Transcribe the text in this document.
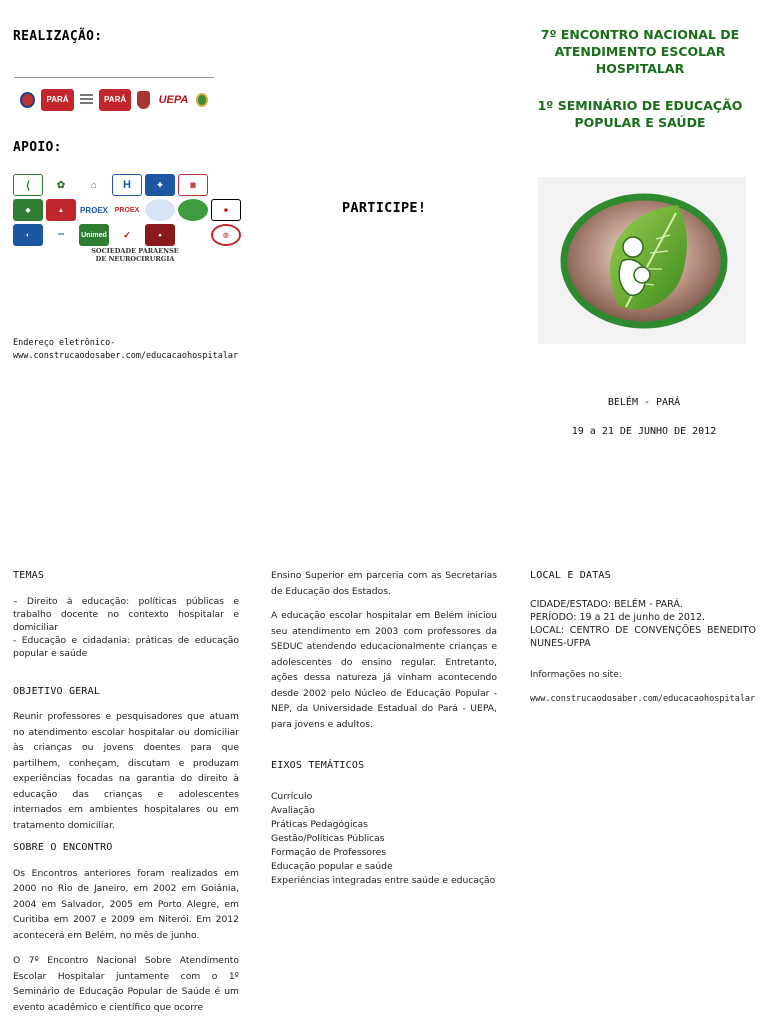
REALIZAÇÃO:
PARÁ	PARÁ	UEPA
APOIO:
⟨	✿	⌂ H	✚	▦
◆	▲	PROEX PROEX	■
◐	≈≈	Unimed ✓	●	◎
SOCIEDADE PARAENSE
DE NEUROCIRURGIA
Endereço eletrônico-
www.construcaodosaber.com/educacaohospitalar
PARTICIPE!
7º ENCONTRO NACIONAL DE
ATENDIMENTO ESCOLAR
HOSPITALAR
1º SEMINÁRIO DE EDUCAÇÃO
POPULAR E SAÚDE
BELÉM - PARÁ
19 a 21 DE JUNHO DE 2012
TEMAS
– Direito à educação: políticas públicas e trabalho docente no contexto hospitalar e domiciliar
- Educação e cidadania: práticas de educação popular e saúde
OBJETIVO GERAL
Reunir professores e pesquisadores que atuam no atendimento escolar hospitalar ou domiciliar às crianças ou jovens doentes para que partilhem, conheçam, discutam e produzam experiências focadas na garantia do direito à educação das crianças e adolescentes internados em ambientes hospitalares ou em tratamento domiciliar.
SOBRE O ENCONTRO
Os Encontros anteriores foram realizados em 2000 no Rio de Janeiro, em 2002 em Goiânia, 2004 em Salvador, 2005 em Porto Alegre, em Curitiba em 2007 e 2009 em Niterói. Em 2012 acontecerá em Belém, no mês de junho.
O 7º Encontro Nacional Sobre Atendimento Escolar Hospitalar juntamente com o 1º Seminário de Educação Popular de Saúde é um evento acadêmico e científico que ocorre
Ensino Superior em parceria com as Secretarias de Educação dos Estados.
A educação escolar hospitalar em Belém iniciou seu atendimento em 2003 com professores da SEDUC atendendo educacionalmente crianças e adolescentes do ensino regular. Entretanto, ações dessa natureza já vinham acontecendo desde 2002 pelo Núcleo de Educação Popular - NEP, da Universidade Estadual do Pará - UEPA, para jovens e adultos.
EIXOS TEMÁTICOS
Currículo
Avaliação
Práticas Pedagógicas
Gestão/Políticas Públicas
Formação de Professores
Educação popular e saúde
Experiências integradas entre saúde e educação
LOCAL E DATAS
CIDADE/ESTADO: BELÉM - PARÁ.
PERÍODO: 19 a 21 de junho de 2012.
LOCAL: CENTRO DE CONVENÇÕES BENEDITO NUNES-UFPA
Informações no site:
www.construcaodosaber.com/educacaohospitalar
